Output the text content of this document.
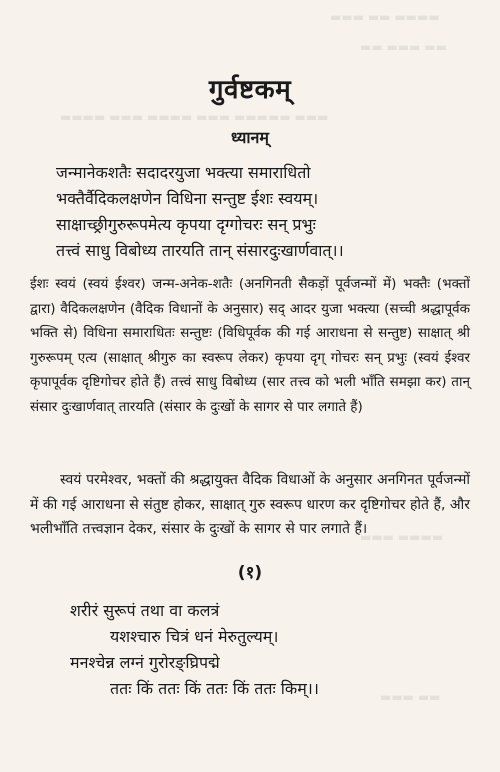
▬▬▬ ▬▬ ▬▬▬▬
▬▬ ▬▬▬ ▬▬
▬▬▬▬ ▬▬▬ ▬▬▬▬ ▬▬▬ ▬▬▬▬▬ ▬▬▬
▬▬▬ ▬▬▬▬
▬▬▬ ▬▬
गुर्वष्टकम्
ध्यानम्
जन्मानेकशतैः सदादरयुजा भक्त्या समाराधितो
भक्तैर्वैदिकलक्षणेन विधिना सन्तुष्ट ईशः स्वयम्।
साक्षाच्छ्रीगुरुरूपमेत्य कृपया दृग्गोचरः सन् प्रभुः
तत्त्वं साधु विबोध्य तारयति तान् संसारदुःखार्णवात्।।
ईशः स्वयं (स्वयं ईश्वर) जन्म-अनेक-शतैः (अनगिनती सैकड़ों पूर्वजन्मों में) भक्तैः (भक्तों द्वारा) वैदिकलक्षणेन (वैदिक विधानों के अनुसार) सद् आदर युजा भक्त्या (सच्ची श्रद्धापूर्वक भक्ति से) विधिना समाराधितः सन्तुष्टः (विधिपूर्वक की गई आराधना से सन्तुष्ट) साक्षात् श्री गुरुरूपम् एत्य (साक्षात् श्रीगुरु का स्वरूप लेकर) कृपया दृग् गोचरः सन् प्रभुः (स्वयं ईश्वर कृपापूर्वक दृष्टिगोचर होते हैं) तत्त्वं साधु विबोध्य (सार तत्त्व को भली भाँति समझा कर) तान् संसार दुःखार्णवात् तारयति (संसार के दुःखों के सागर से पार लगाते हैं)
स्वयं परमेश्वर, भक्तों की श्रद्धायुक्त वैदिक विधाओं के अनुसार अनगिनत पूर्वजन्मों में की गई आराधना से संतुष्ट होकर, साक्षात् गुरु स्वरूप धारण कर दृष्टिगोचर होते हैं, और भलीभाँति तत्त्वज्ञान देकर, संसार के दुःखों के सागर से पार लगाते हैं।
(१)
शरीरं सुरूपं तथा वा कलत्रं
यशश्चारु चित्रं धनं मेरुतुल्यम्।
मनश्चेन्न लग्नं गुरोरङ्घ्रिपद्मे
ततः किं ततः किं ततः किं ततः किम्।।
